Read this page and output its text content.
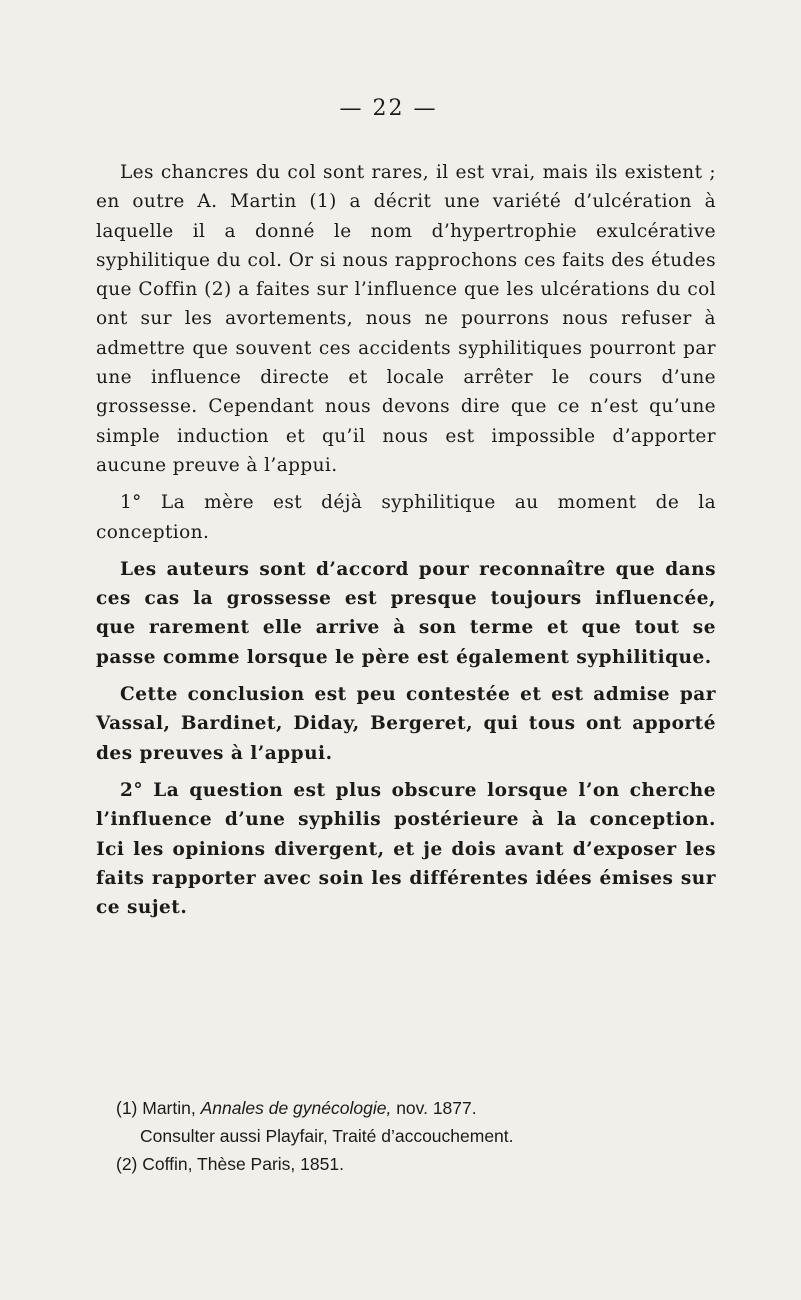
— 22 —

Les chancres du col sont rares, il est vrai, mais ils existent ; en outre A. Martin (1) a décrit une variété d’ulcération à laquelle il a donné le nom d’hypertrophie exulcérative syphilitique du col. Or si nous rapprochons ces faits des études que Coffin (2) a faites sur l’influence que les ulcérations du col ont sur les avortements, nous ne pourrons nous refuser à admettre que souvent ces accidents syphilitiques pourront par une influence directe et locale arrêter le cours d’une grossesse. Cependant nous devons dire que ce n’est qu’une simple induction et qu’il nous est impossible d’apporter aucune preuve à l’appui.

1° La mère est déjà syphilitique au moment de la conception.

Les auteurs sont d’accord pour reconnaître que dans ces cas la grossesse est presque toujours influencée, que rarement elle arrive à son terme et que tout se passe comme lorsque le père est également syphilitique.

Cette conclusion est peu contestée et est admise par Vassal, Bardinet, Diday, Bergeret, qui tous ont apporté des preuves à l’appui.

2° La question est plus obscure lorsque l’on cherche l’influence d’une syphilis postérieure à la conception. Ici les opinions divergent, et je dois avant d’exposer les faits rapporter avec soin les différentes idées émises sur ce sujet.

(1) Martin, Annales de gynécologie, nov. 1877.

Consulter aussi Playfair, Traité d’accouchement.

(2) Coffin, Thèse Paris, 1851.
